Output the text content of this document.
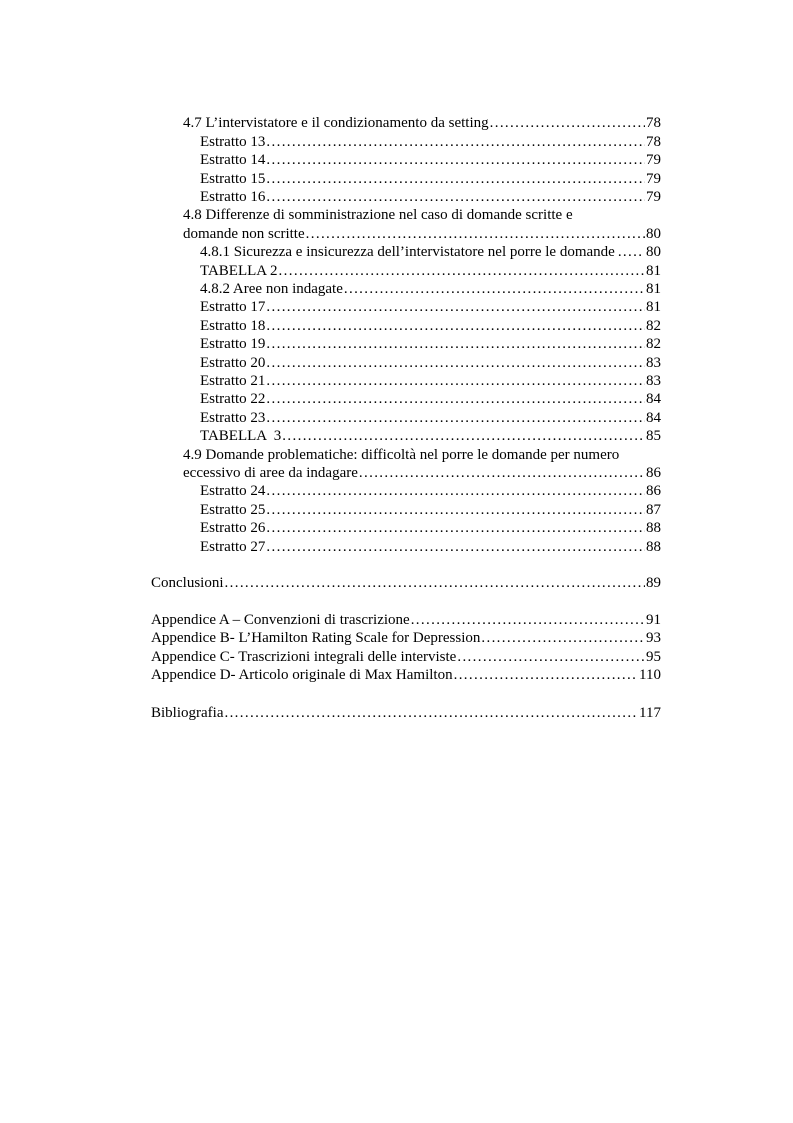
4.7 L’intervistatore e il condizionamento da setting . . .	78
Estratto 13 . . .	78
Estratto 14 . . .	79
Estratto 15 . . .	79
Estratto 16 . . .	79
4.8 Differenze di somministrazione nel caso di domande scritte e
domande non scritte . . .	80
4.8.1 Sicurezza e insicurezza dell’intervistatore nel porre le domande . . . 80
TABELLA 2 . . .	81
4.8.2 Aree non indagate . . .	81
Estratto 17 . . .	81
Estratto 18 . . .	82
Estratto 19 . . .	82
Estratto 20 . . .	83
Estratto 21 . . .	83
Estratto 22 . . .	84
Estratto 23 . . .	84
TABELLA  3 . . .	85
4.9 Domande problematiche: difficoltà nel porre le domande per numero
eccessivo di aree da indagare . . .	86
Estratto 24 . . .	86
Estratto 25 . . .	87
Estratto 26 . . .	88
Estratto 27 . . .	88
Conclusioni . . .	89
Appendice A – Convenzioni di trascrizione . . .	91
Appendice B- L’Hamilton Rating Scale for Depression . . .	93
Appendice C- Trascrizioni integrali delle interviste . . .	95
Appendice D- Articolo originale di Max Hamilton . . .	110
Bibliografia . . .	117
